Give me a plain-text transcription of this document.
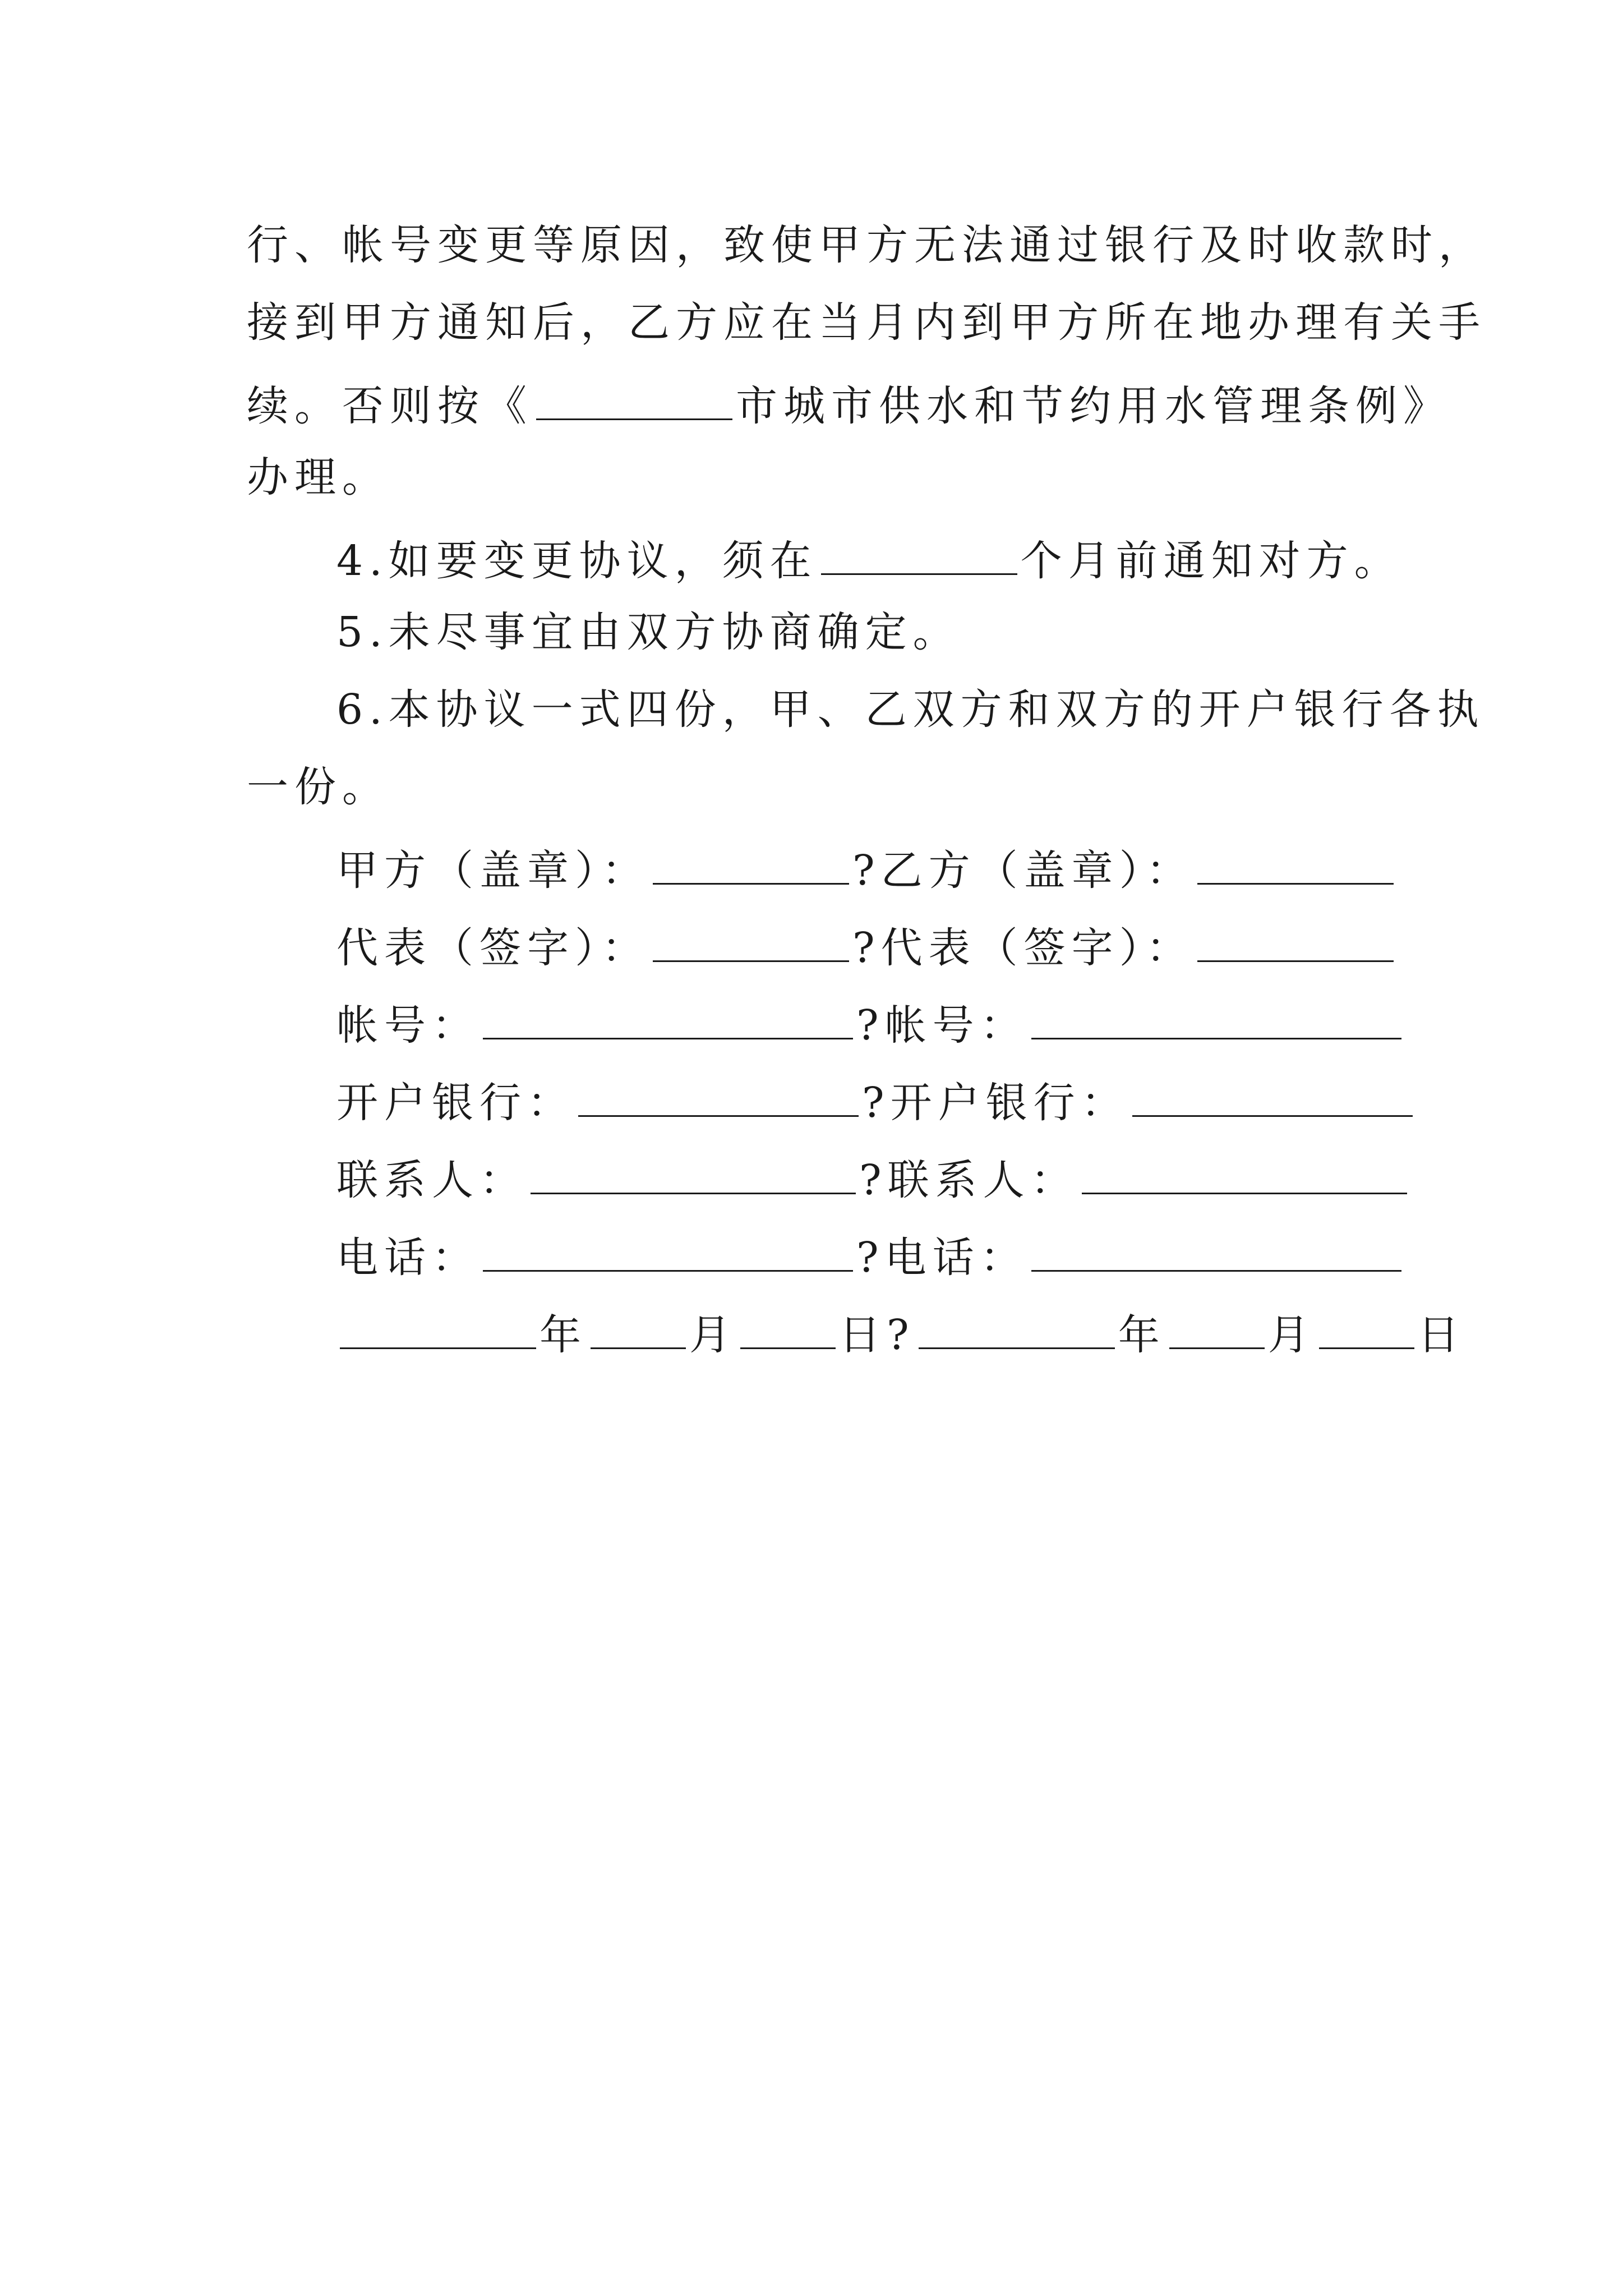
行、帐号变更等原因，致使甲方无法通过银行及时收款时，
接到甲方通知后，乙方应在当月内到甲方所在地办理有关手
续。否则按《	市城市供水和节约用水管理条例》
办理。
4.如要变更协议，须在	个月前通知对方。
5.未尽事宜由双方协商确定。
6.本协议一式四份，甲、乙双方和双方的开户银行各执
一份。
甲方（盖章）：	?乙方（盖章）：
代表（签字）：	?代表（签字）：
帐号：	?帐号：
开户银行：	?开户银行：
联系人：	?联系人：
电话：	?电话：
年 月 日?	年 月 日
